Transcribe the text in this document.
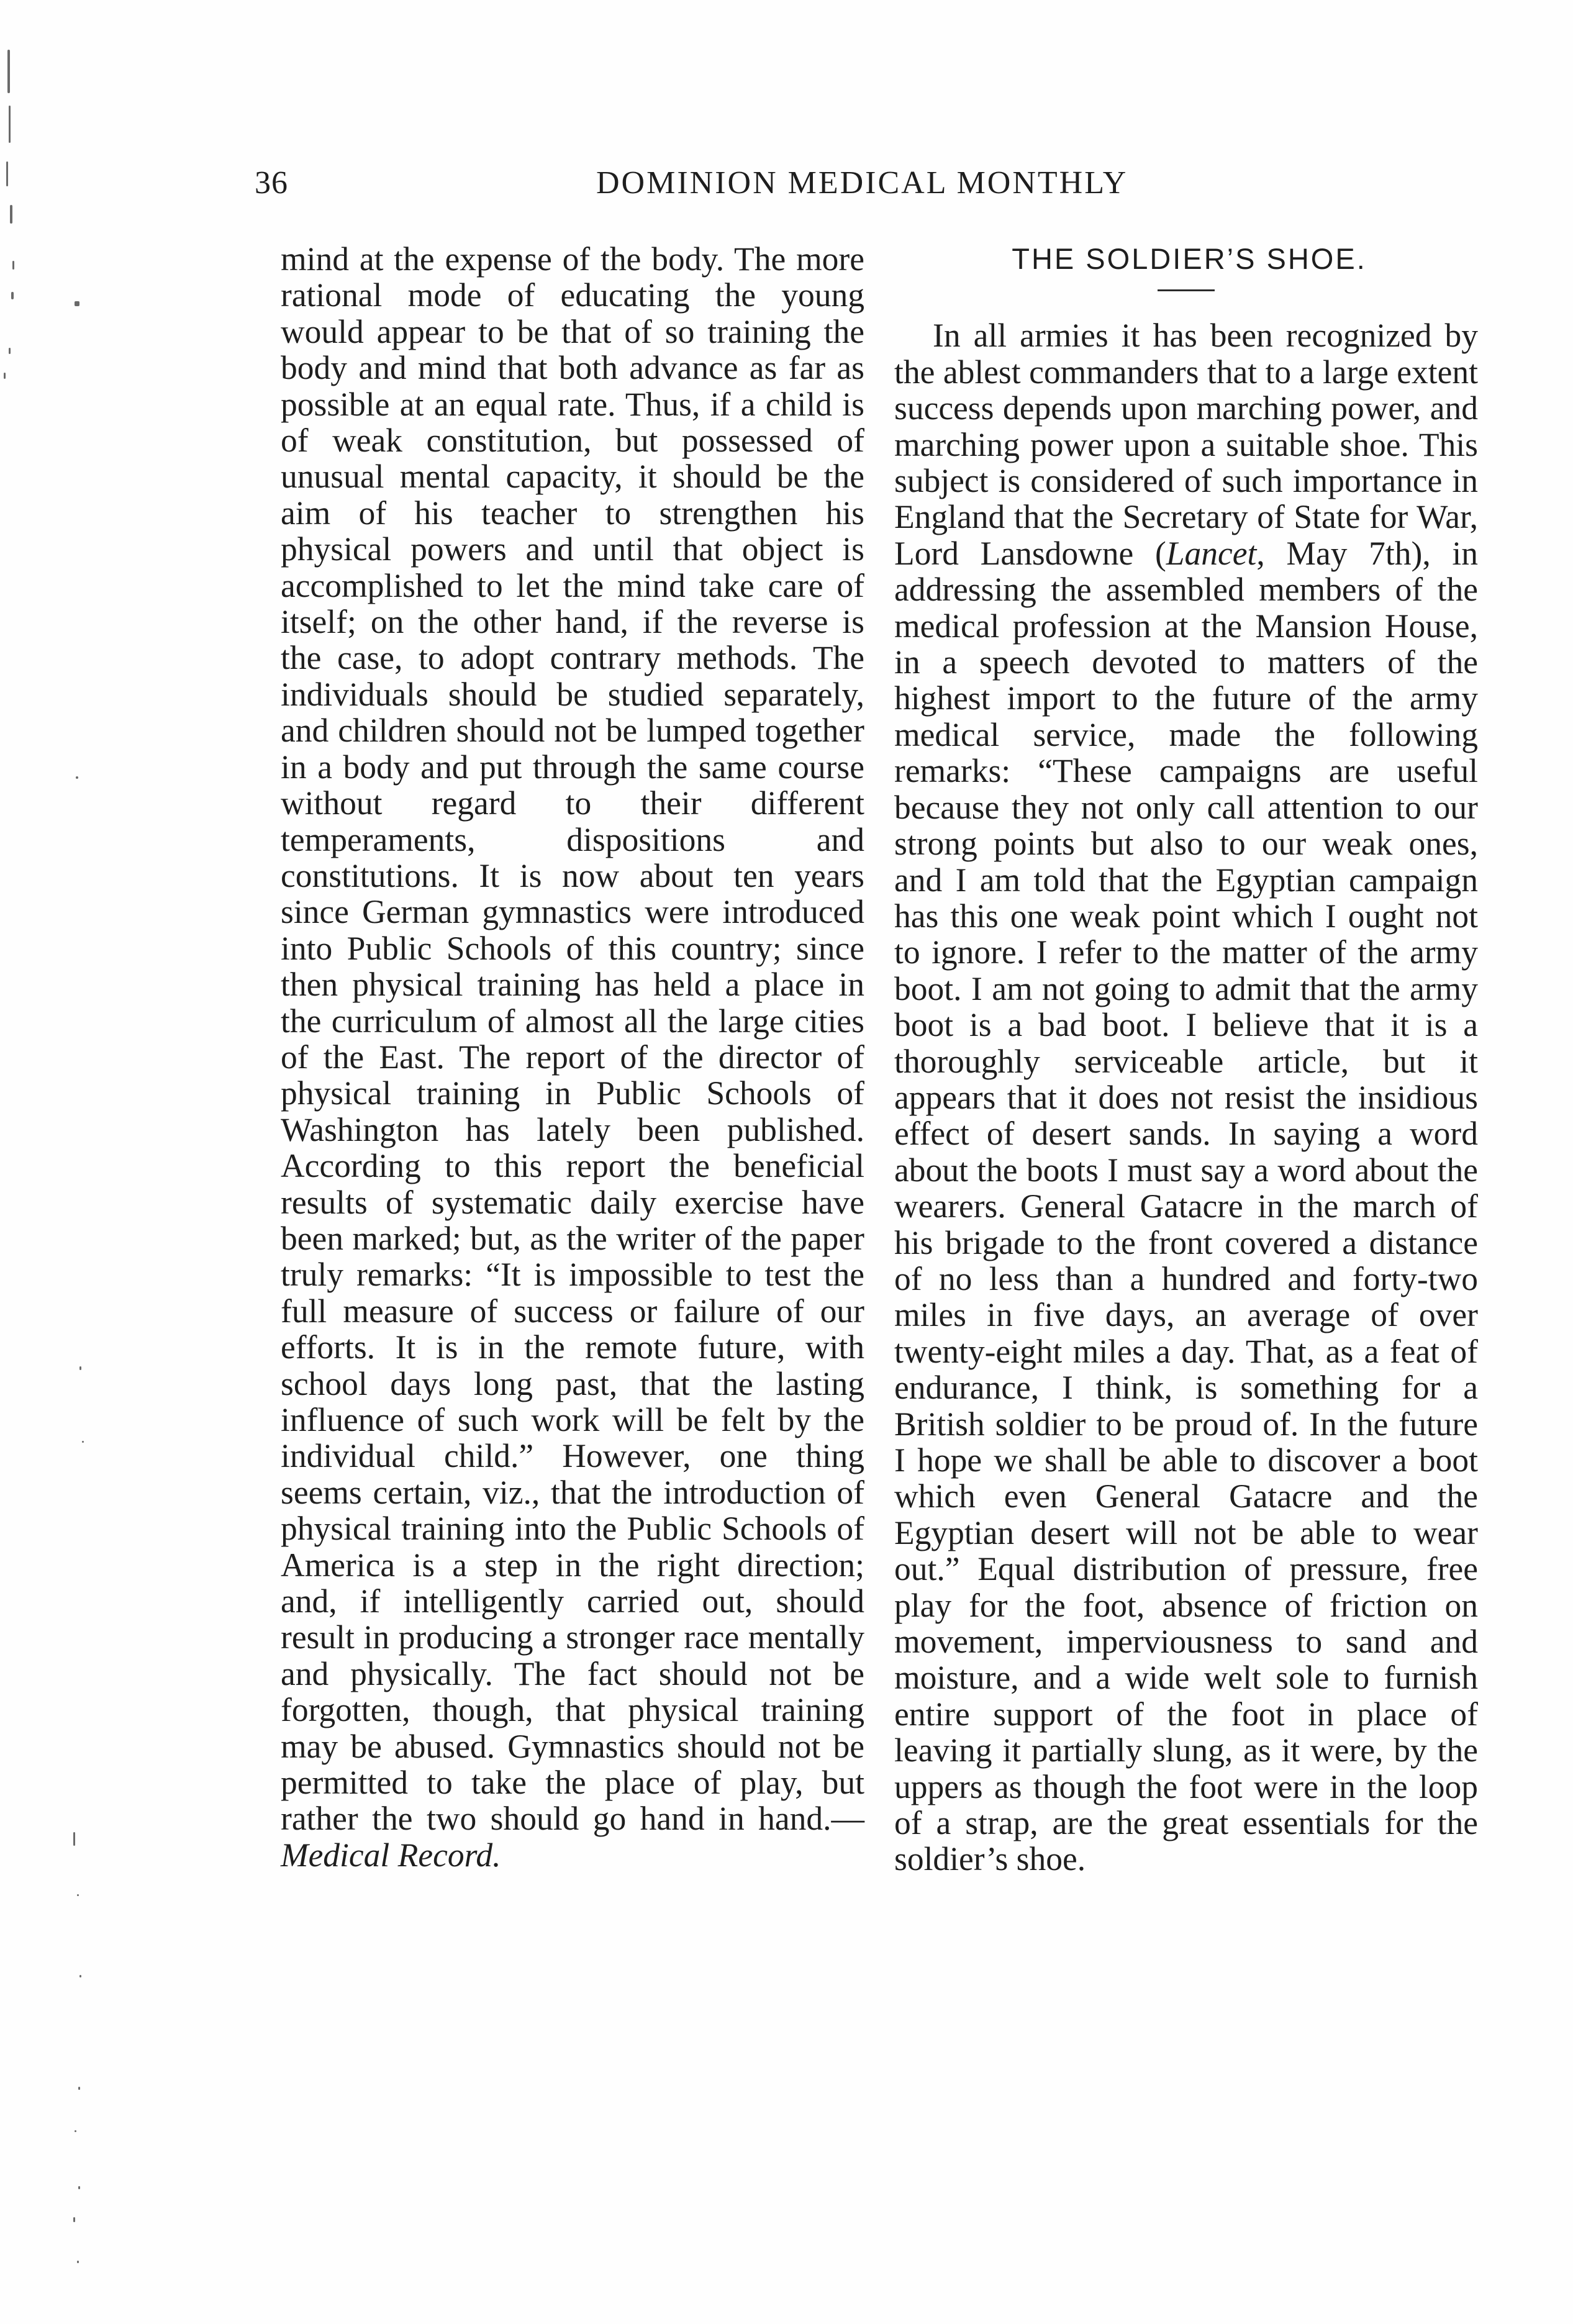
36	DOMINION MEDICAL MONTHLY

mind at the expense of the body. The more rational mode of educating the young would appear to be that of so training the body and mind that both advance as far as possible at an equal rate. Thus, if a child is of weak constitution, but possessed of unusual mental capacity, it should be the aim of his teacher to strengthen his physical powers and until that object is accomplished to let the mind take care of itself; on the other hand, if the reverse is the case, to adopt contrary methods. The individuals should be studied separately, and children should not be lumped together in a body and put through the same course without regard to their different temperaments, dispositions and constitutions. It is now about ten years since German gymnastics were introduced into Public Schools of this country; since then physical training has held a place in the curriculum of almost all the large cities of the East. The report of the director of physical training in Public Schools of Washington has lately been published. According to this report the beneficial results of systematic daily exercise have been marked; but, as the writer of the paper truly remarks: “It is impossible to test the full measure of success or failure of our efforts. It is in the remote future, with school days long past, that the lasting influence of such work will be felt by the individual child.” However, one thing seems certain, viz., that the introduction of physical training into the Public Schools of America is a step in the right direction; and, if intelligently carried out, should result in producing a stronger race mentally and physically. The fact should not be forgotten, though, that physical training may be abused. Gymnastics should not be permitted to take the place of play, but rather the two should go hand in hand.—Medical Record.

THE SOLDIER’S SHOE.

In all armies it has been recognized by the ablest commanders that to a large extent success depends upon marching power, and marching power upon a suitable shoe. This subject is considered of such importance in England that the Secretary of State for War, Lord Lansdowne (Lancet, May 7th), in addressing the assembled members of the medical profession at the Mansion House, in a speech devoted to matters of the highest import to the future of the army medical service, made the following remarks: “These campaigns are useful because they not only call attention to our strong points but also to our weak ones, and I am told that the Egyptian campaign has this one weak point which I ought not to ignore. I refer to the matter of the army boot. I am not going to admit that the army boot is a bad boot. I believe that it is a thoroughly serviceable article, but it appears that it does not resist the insidious effect of desert sands. In saying a word about the boots I must say a word about the wearers. General Gatacre in the march of his brigade to the front covered a distance of no less than a hundred and forty-two miles in five days, an average of over twenty-eight miles a day. That, as a feat of endurance, I think, is something for a British soldier to be proud of. In the future I hope we shall be able to discover a boot which even General Gatacre and the Egyptian desert will not be able to wear out.” Equal distribution of pressure, free play for the foot, absence of friction on movement, imperviousness to sand and moisture, and a wide welt sole to furnish entire support of the foot in place of leaving it partially slung, as it were, by the uppers as though the foot were in the loop of a strap, are the great essentials for the soldier’s shoe.
